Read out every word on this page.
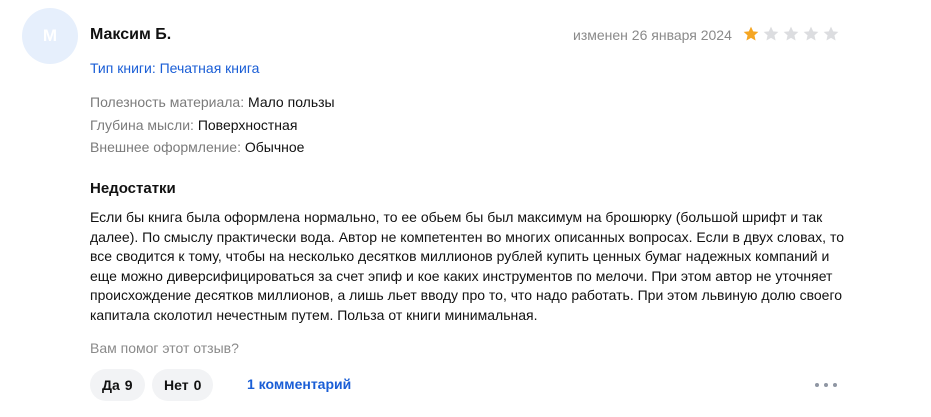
М Максим Б.	изменен 26 января 2024
Тип книги: Печатная книга
Полезность материала: Мало пользы
Глубина мысли: Поверхностная
Внешнее оформление: Обычное
Недостатки

Если бы книга была оформлена нормально, то ее обьем бы был максимум на брошюрку (большой шрифт и так далее). По смыслу практически вода. Автор не компетентен во многих описанных вопросах. Если в двух словах, то все сводится к тому, чтобы на несколько десятков миллионов рублей купить ценных бумаг надежных компаний и еще можно диверсифицироваться за счет эпиф и кое каких инструментов по мелочи. При этом автор не уточняет происхождение десятков миллионов, а лишь льет вводу про то, что надо работать. При этом львиную долю своего капитала сколотил нечестным путем. Польза от книги минимальная.

Вам помог этот отзыв?
Да 9 Нет 0	1 комментарий
